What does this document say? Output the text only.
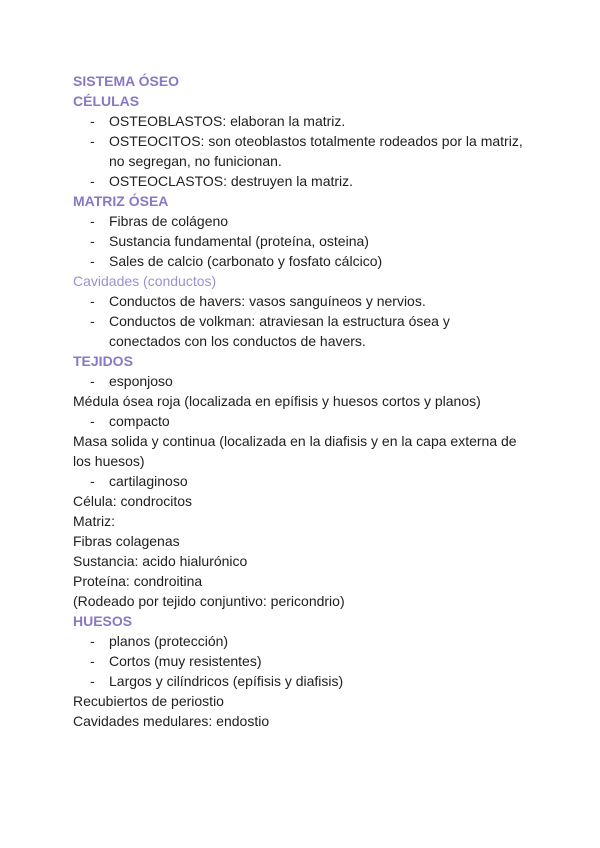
SISTEMA ÓSEO
CÉLULAS
- OSTEOBLASTOS: elaboran la matriz.
- OSTEOCITOS: son oteoblastos totalmente rodeados por la matriz, no segregan, no funicionan.
- OSTEOCLASTOS: destruyen la matriz.
MATRIZ ÓSEA
- Fibras de colágeno
- Sustancia fundamental (proteína, osteina)
- Sales de calcio (carbonato y fosfato cálcico)
Cavidades (conductos)
- Conductos de havers: vasos sanguíneos y nervios.
- Conductos de volkman: atraviesan la estructura ósea y conectados con los conductos de havers.
TEJIDOS
- esponjoso
Médula ósea roja (localizada en epífisis y huesos cortos y planos)
- compacto
Masa solida y continua (localizada en la diafisis y en la capa externa de los huesos)
- cartilaginoso
Célula: condrocitos
Matriz:
Fibras colagenas
Sustancia: acido hialurónico
Proteína: condroitina
(Rodeado por tejido conjuntivo: pericondrio)
HUESOS
- planos (protección)
- Cortos (muy resistentes)
- Largos y cilíndricos (epífisis y diafisis)
Recubiertos de periostio
Cavidades medulares: endostio
